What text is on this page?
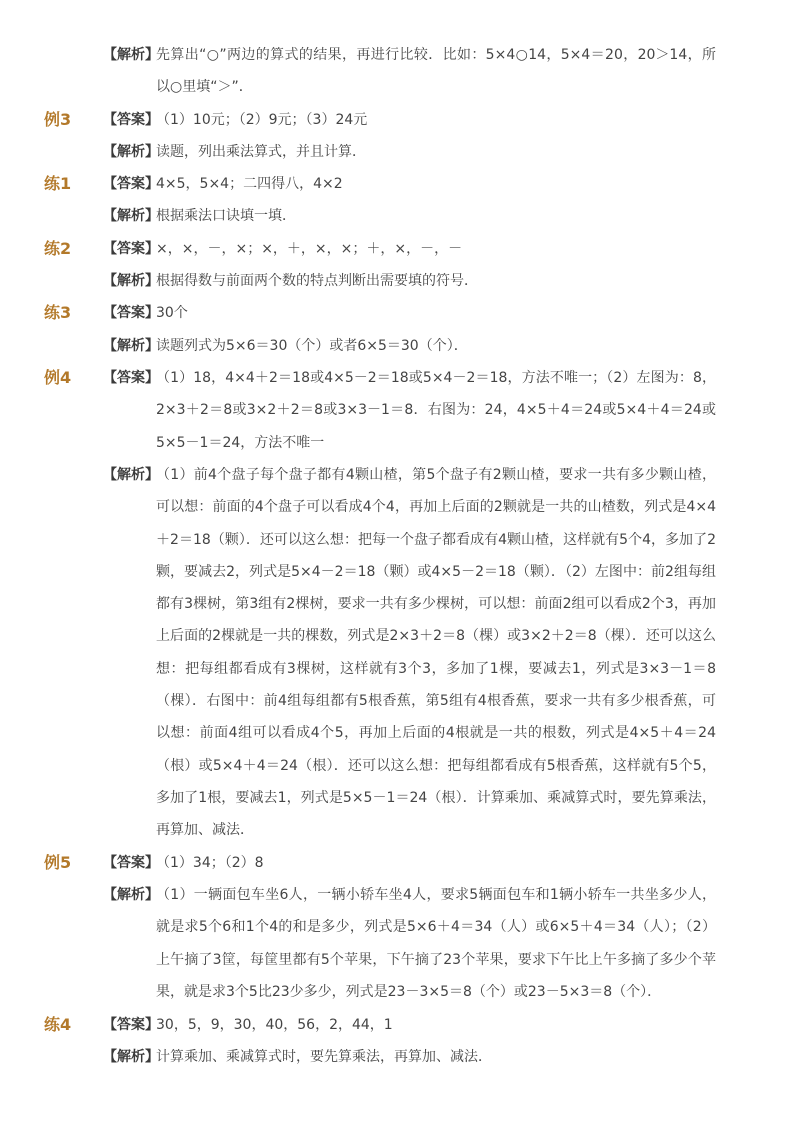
【解析】
先算出“○”两边的算式的结果，再进行比较．比如：5×4○14，5×4＝20，20＞14，所以○里填“＞”．
例3 【答案】
（1）10元；（2）9元；（3）24元
【解析】
读题，列出乘法算式，并且计算．
练1 【答案】
4×5，5×4；二四得八，4×2
【解析】
根据乘法口诀填一填．
练2 【答案】
×，×，－，×；×，＋，×，×；＋，×，－，－
【解析】
根据得数与前面两个数的特点判断出需要填的符号．
练3 【答案】
30个
【解析】
读题列式为5×6＝30（个）或者6×5＝30（个）．
例4 【答案】
（1）18，4×4＋2＝18或4×5－2＝18或5×4－2＝18，方法不唯一；（2）左图为：8，2×3＋2＝8或3×2＋2＝8或3×3－1＝8．右图为：24，4×5＋4＝24或5×4＋4＝24或5×5－1＝24，方法不唯一
【解析】
（1）前4个盘子每个盘子都有4颗山楂，第5个盘子有2颗山楂，要求一共有多少颗山楂，可以想：前面的4个盘子可以看成4个4，再加上后面的2颗就是一共的山楂数，列式是4×4＋2＝18（颗）．还可以这么想：把每一个盘子都看成有4颗山楂，这样就有5个4，多加了2颗，要减去2，列式是5×4－2＝18（颗）或4×5－2＝18（颗）．（2）左图中：前2组每组都有3棵树，第3组有2棵树，要求一共有多少棵树，可以想：前面2组可以看成2个3，再加上后面的2棵就是一共的棵数，列式是2×3＋2＝8（棵）或3×2＋2＝8（棵）．还可以这么想：把每组都看成有3棵树，这样就有3个3，多加了1棵，要减去1，列式是3×3－1＝8（棵）．右图中：前4组每组都有5根香蕉，第5组有4根香蕉，要求一共有多少根香蕉，可以想：前面4组可以看成4个5，再加上后面的4根就是一共的根数，列式是4×5＋4＝24（根）或5×4＋4＝24（根）．还可以这么想：把每组都看成有5根香蕉，这样就有5个5，多加了1根，要减去1，列式是5×5－1＝24（根）．计算乘加、乘减算式时，要先算乘法，再算加、减法．
例5 【答案】
（1）34；（2）8
【解析】
（1）一辆面包车坐6人，一辆小轿车坐4人，要求5辆面包车和1辆小轿车一共坐多少人，就是求5个6和1个4的和是多少，列式是5×6＋4＝34（人）或6×5＋4＝34（人）；（2）上午摘了3筐，每筐里都有5个苹果，下午摘了23个苹果，要求下午比上午多摘了多少个苹果，就是求3个5比23少多少，列式是23－3×5＝8（个）或23－5×3＝8（个）．
练4 【答案】
30，5，9，30，40，56，2，44，1
【解析】
计算乘加、乘减算式时，要先算乘法，再算加、减法．
